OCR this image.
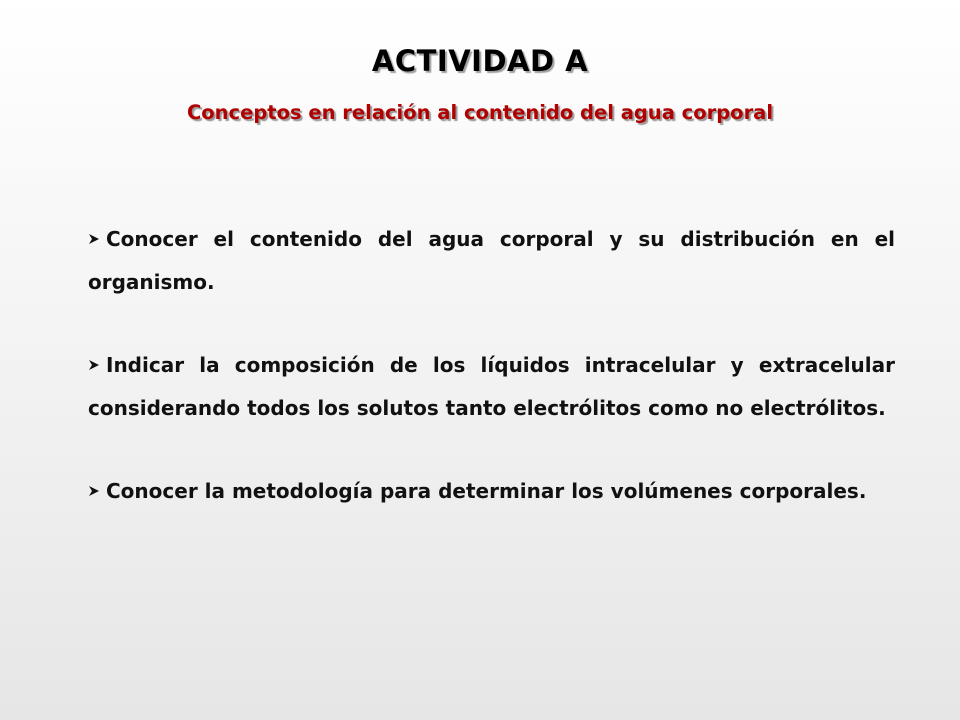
ACTIVIDAD A
Conceptos en relación al contenido del agua corporal
Conocer el contenido del agua corporal y su distribución en el organismo.
Indicar la composición de los líquidos intracelular y extracelular considerando todos los solutos tanto electrólitos como no electrólitos.
Conocer la metodología para determinar los volúmenes corporales.
